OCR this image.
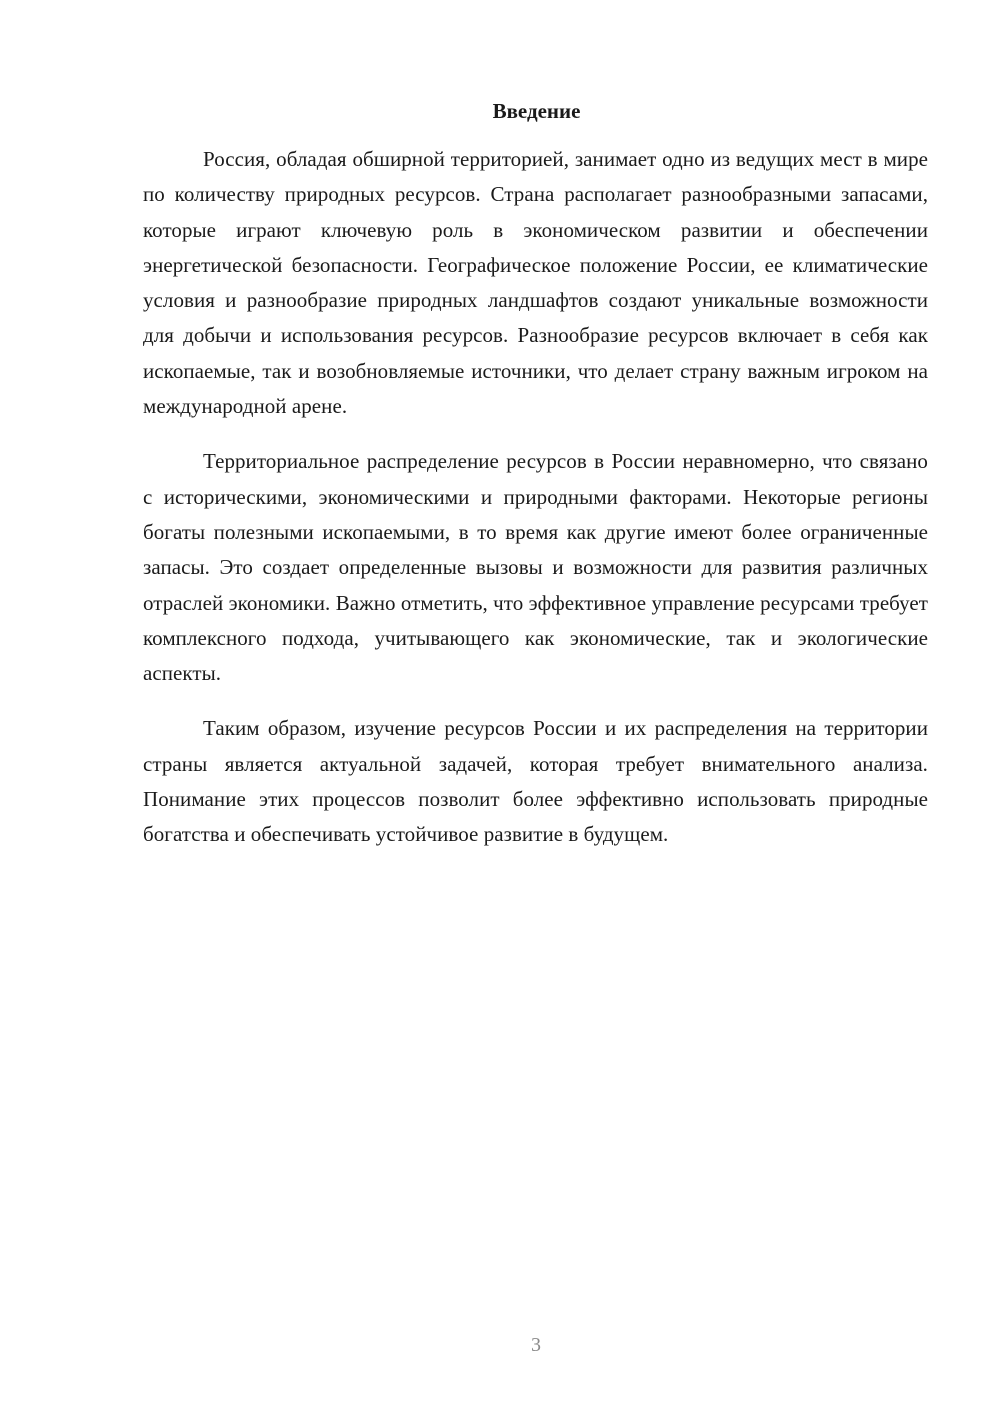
Введение

Россия, обладая обширной территорией, занимает одно из ведущих мест в мире по количеству природных ресурсов. Страна располагает разнообразными запасами, которые играют ключевую роль в экономическом развитии и обеспечении энергетической безопасности. Географическое положение России, ее климатические условия и разнообразие природных ландшафтов создают уникальные возможности для добычи и использования ресурсов. Разнообразие ресурсов включает в себя как ископаемые, так и возобновляемые источники, что делает страну важным игроком на международной арене.

Территориальное распределение ресурсов в России неравномерно, что связано с историческими, экономическими и природными факторами. Некоторые регионы богаты полезными ископаемыми, в то время как другие имеют более ограниченные запасы. Это создает определенные вызовы и возможности для развития различных отраслей экономики. Важно отметить, что эффективное управление ресурсами требует комплексного подхода, учитывающего как экономические, так и экологические аспекты.

Таким образом, изучение ресурсов России и их распределения на территории страны является актуальной задачей, которая требует внимательного анализа. Понимание этих процессов позволит более эффективно использовать природные богатства и обеспечивать устойчивое развитие в будущем.

3
